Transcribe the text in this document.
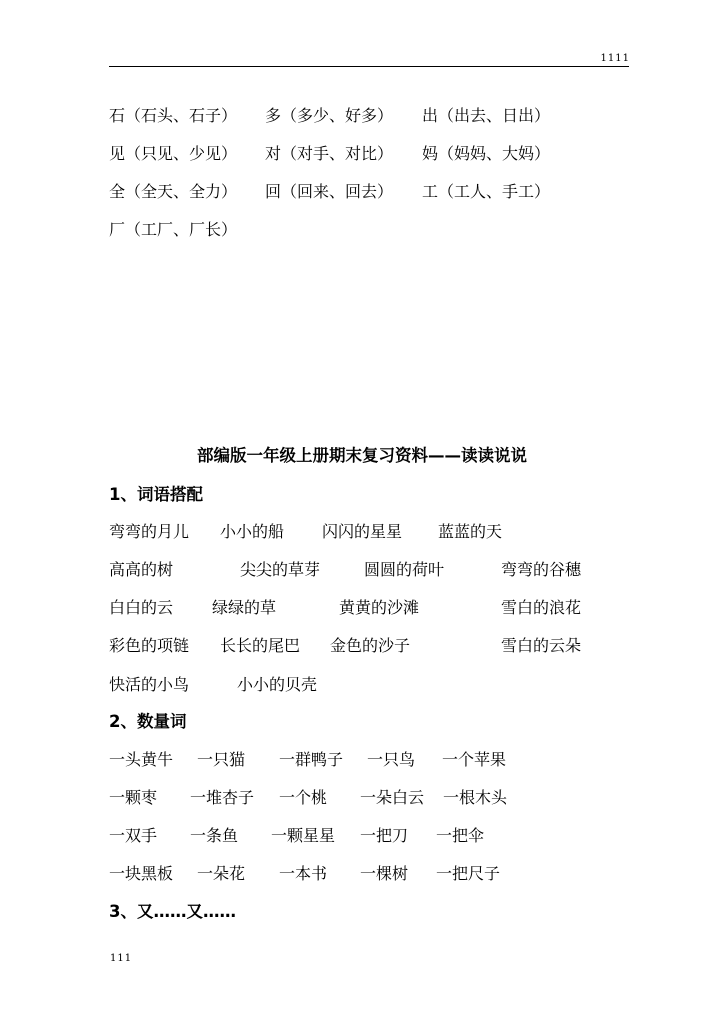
1111
石（石头、石子） 多（多少、好多） 出（出去、日出）
见（只见、少见） 对（对手、对比） 妈（妈妈、大妈）
全（全天、全力） 回（回来、回去） 工（工人、手工）
厂（工厂、厂长）
部编版一年级上册期末复习资料——读读说说
1、词语搭配
弯弯的月儿 小小的船 闪闪的星星 蓝蓝的天
高高的树	尖尖的草芽	圆圆的荷叶	弯弯的谷穗
白白的云 绿绿的草	黄黄的沙滩	雪白的浪花
彩色的项链 长长的尾巴 金色的沙子	雪白的云朵
快活的小鸟	小小的贝壳
2、数量词
一头黄牛 一只猫 一群鸭子 一只鸟 一个苹果
一颗枣 一堆杏子 一个桃 一朵白云 一根木头
一双手 一条鱼 一颗星星 一把刀 一把伞
一块黑板 一朵花 一本书 一棵树 一把尺子
3、又……又……
111
